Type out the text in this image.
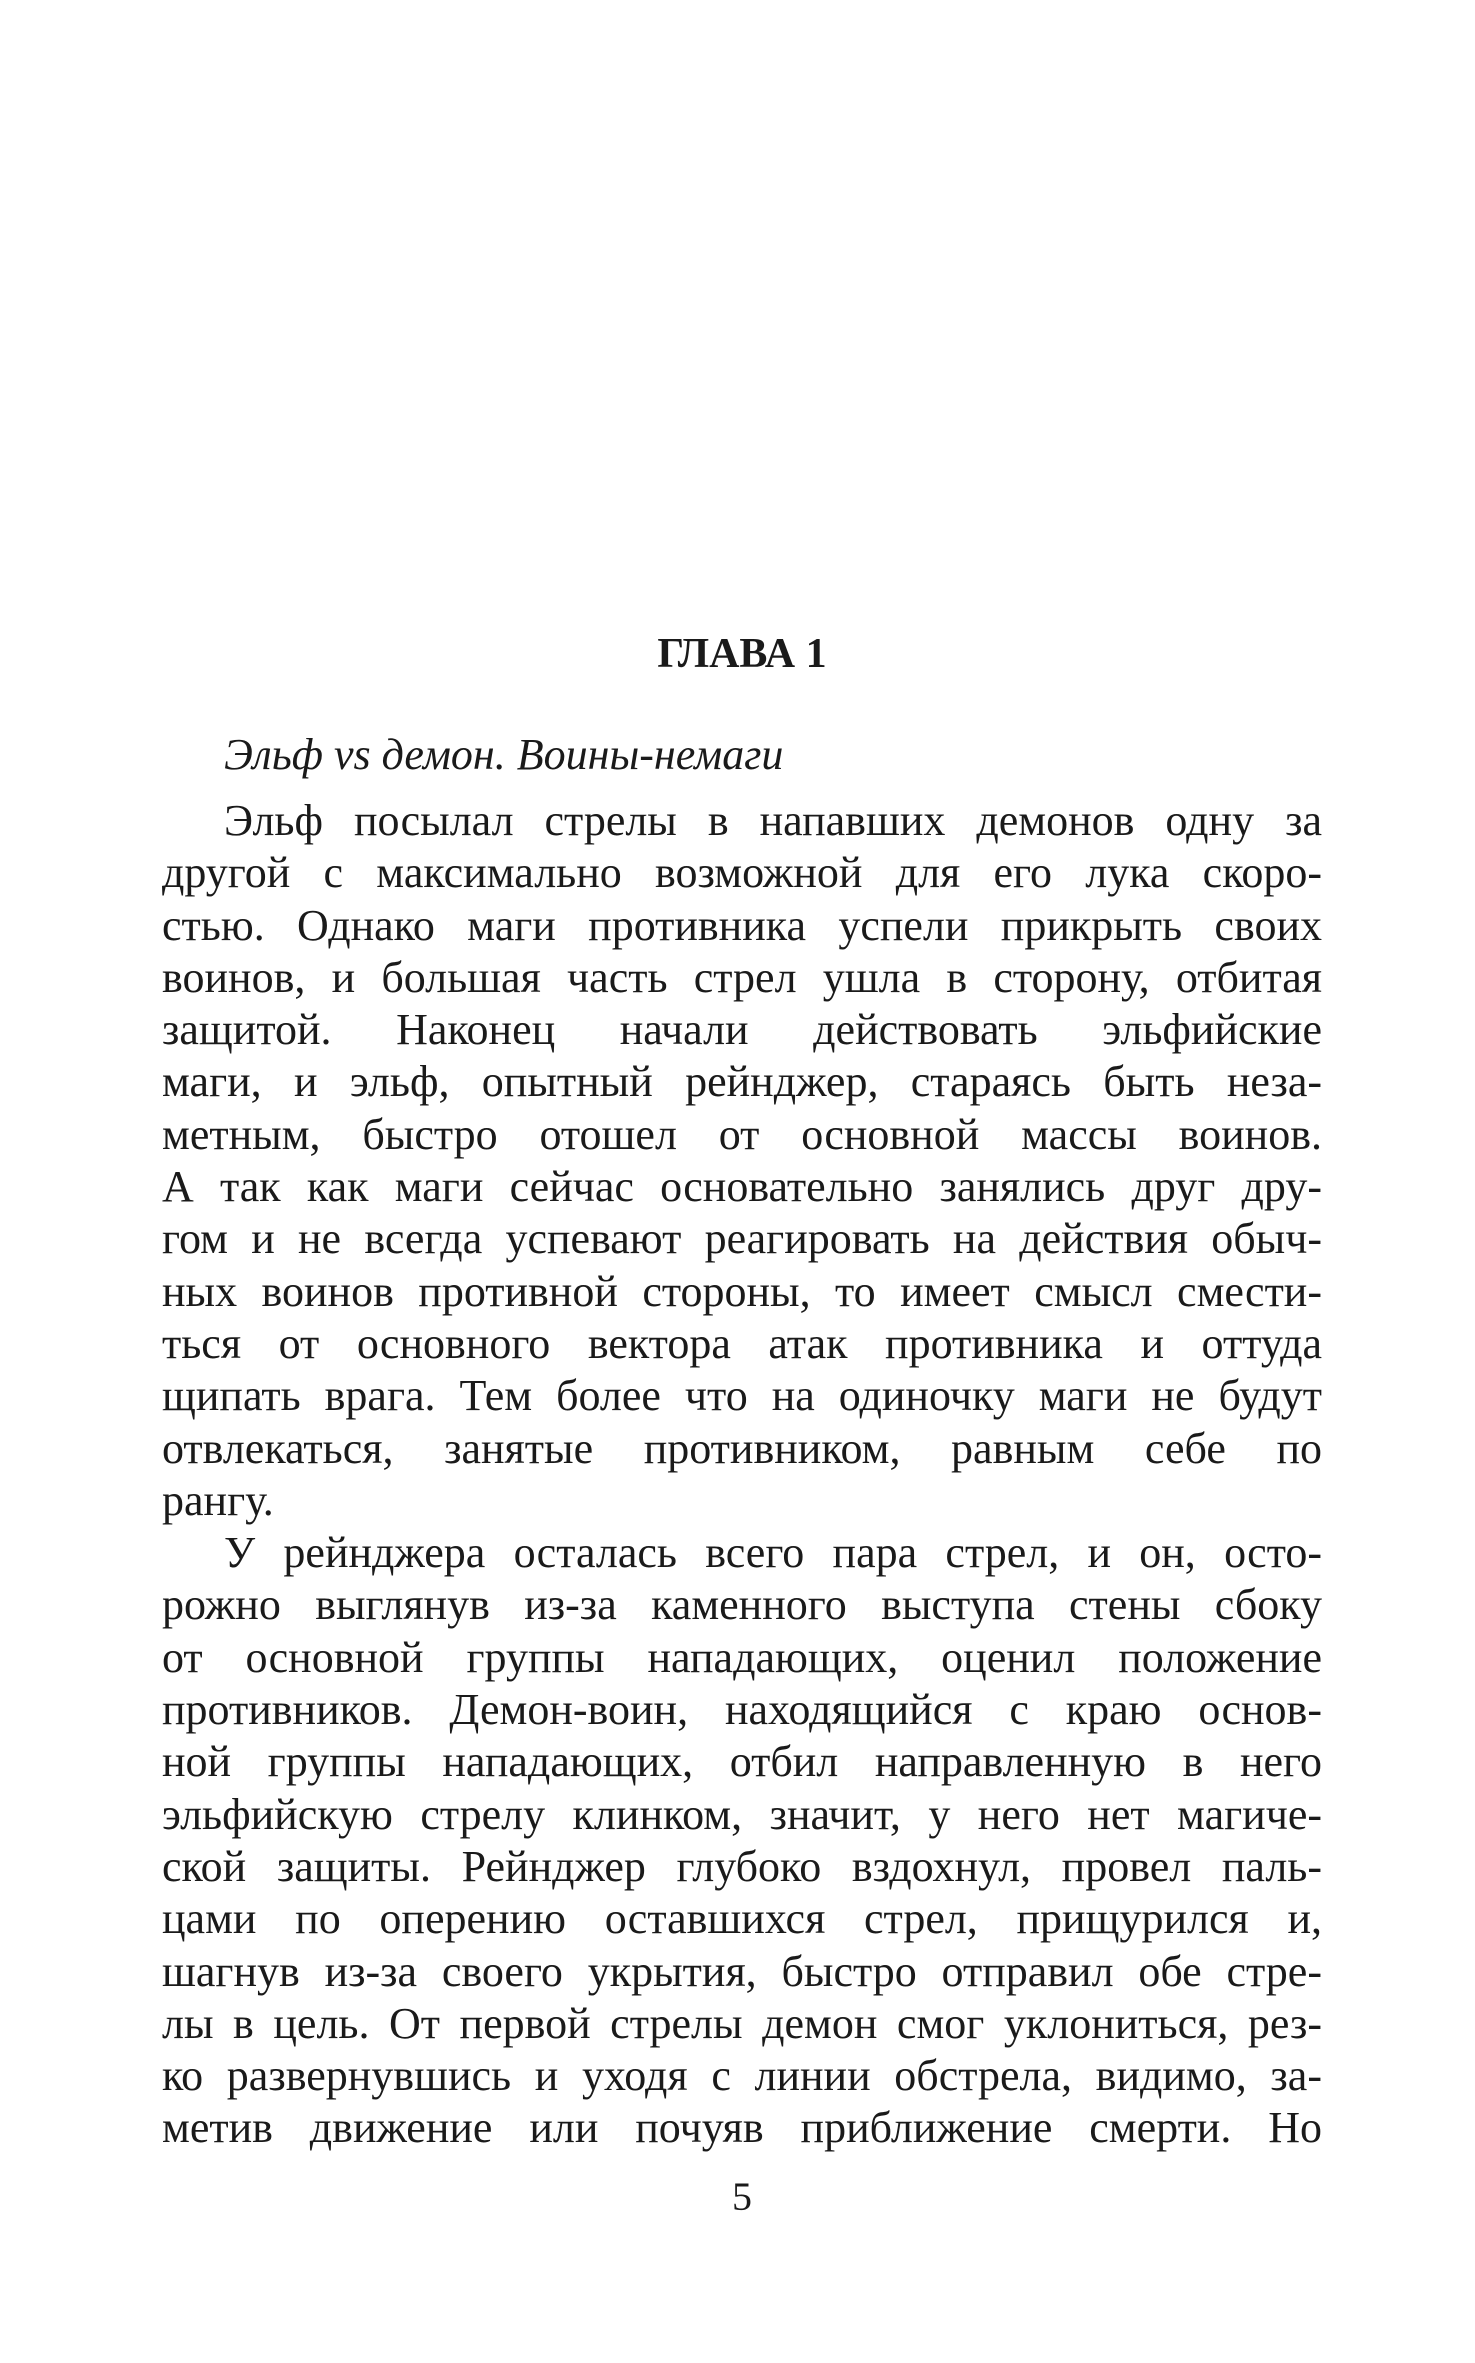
ГЛАВА 1

Эльф vs демон. Воины-немаги

Эльф посылал стрелы в напавших демонов одну за
другой с максимально возможной для его лука скоро-
стью. Однако маги противника успели прикрыть своих
воинов, и большая часть стрел ушла в сторону, отбитая
защитой. Наконец начали действовать эльфийские
маги, и эльф, опытный рейнджер, стараясь быть неза-
метным, быстро отошел от основной массы воинов.
А так как маги сейчас основательно занялись друг дру-
гом и не всегда успевают реагировать на действия обыч-
ных воинов противной стороны, то имеет смысл смести-
ться от основного вектора атак противника и оттуда
щипать врага. Тем более что на одиночку маги не будут
отвлекаться, занятые противником, равным себе по
рангу.
У рейнджера осталась всего пара стрел, и он, осто-
рожно выглянув из-за каменного выступа стены сбоку
от основной группы нападающих, оценил положение
противников. Демон-воин, находящийся с краю основ-
ной группы нападающих, отбил направленную в него
эльфийскую стрелу клинком, значит, у него нет магиче-
ской защиты. Рейнджер глубоко вздохнул, провел паль-
цами по оперению оставшихся стрел, прищурился и,
шагнув из-за своего укрытия, быстро отправил обе стре-
лы в цель. От первой стрелы демон смог уклониться, рез-
ко развернувшись и уходя с линии обстрела, видимо, за-
метив движение или почуяв приближение смерти. Но

5
